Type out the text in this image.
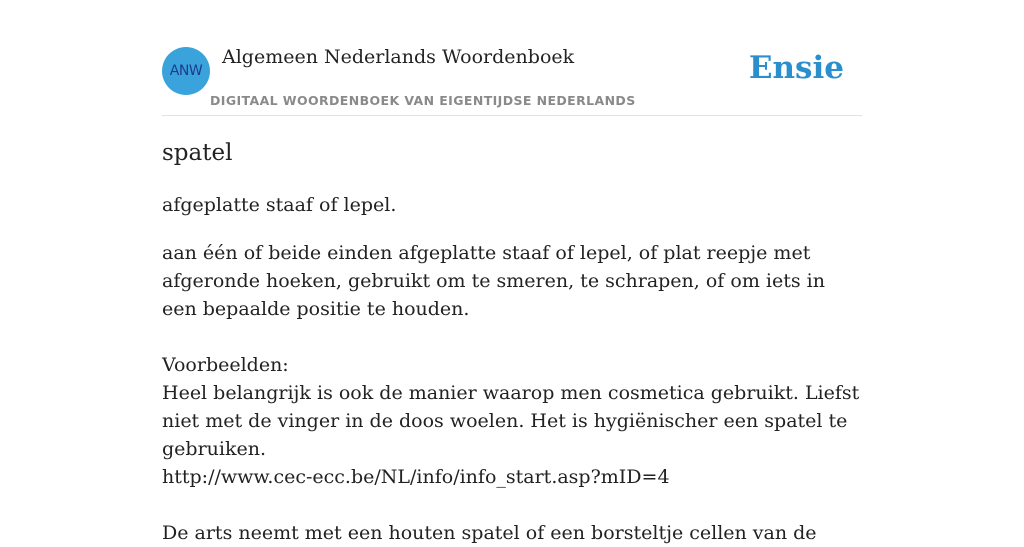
ANW
Algemeen Nederlands Woordenboek
DIGITAAL WOORDENBOEK VAN EIGENTIJDSE NEDERLANDS
Ensie
spatel
afgeplatte staaf of lepel.

aan één of beide einden afgeplatte staaf of lepel, of plat reepje met afgeronde hoeken, gebruikt om te smeren, te schrapen, of om iets in een bepaalde positie te houden.

Voorbeelden:

Heel belangrijk is ook de manier waarop men cosmetica gebruikt. Liefst niet met de vinger in de doos woelen. Het is hygiënischer een spatel te gebruiken.

http://www.cec-ecc.be/NL/info/info_start.asp?mID=4

De arts neemt met een houten spatel of een borsteltje cellen van de
